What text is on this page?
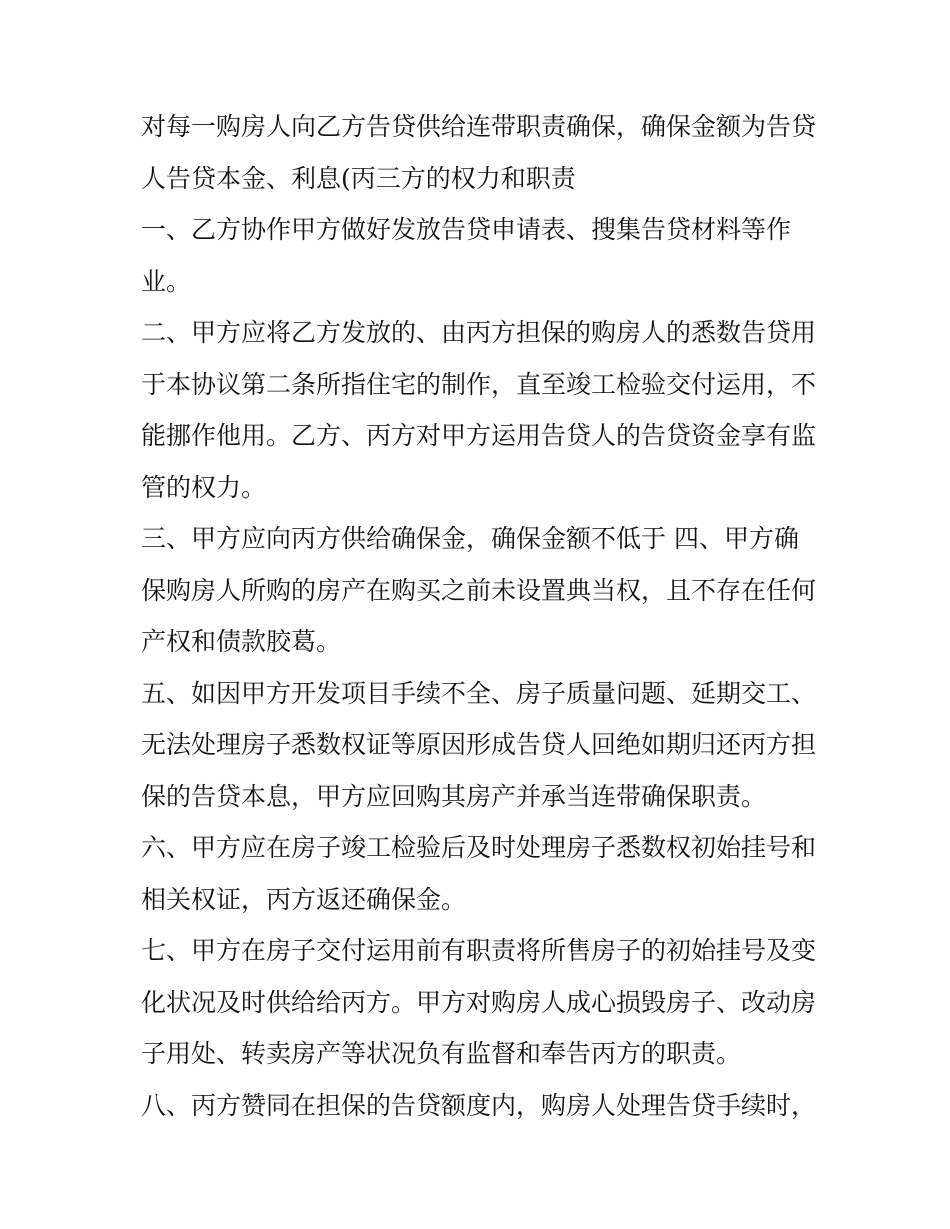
对每一购房人向乙方告贷供给连带职责确保，确保金额为告贷
人告贷本金、利息(丙三方的权力和职责
一、乙方协作甲方做好发放告贷申请表、搜集告贷材料等作
业。
二、甲方应将乙方发放的、由丙方担保的购房人的悉数告贷用
于本协议第二条所指住宅的制作，直至竣工检验交付运用，不
能挪作他用。乙方、丙方对甲方运用告贷人的告贷资金享有监
管的权力。
三、甲方应向丙方供给确保金，确保金额不低于 四、甲方确
保购房人所购的房产在购买之前未设置典当权，且不存在任何
产权和债款胶葛。
五、如因甲方开发项目手续不全、房子质量问题、延期交工、
无法处理房子悉数权证等原因形成告贷人回绝如期归还丙方担
保的告贷本息，甲方应回购其房产并承当连带确保职责。
六、甲方应在房子竣工检验后及时处理房子悉数权初始挂号和
相关权证，丙方返还确保金。
七、甲方在房子交付运用前有职责将所售房子的初始挂号及变
化状况及时供给给丙方。甲方对购房人成心损毁房子、改动房
子用处、转卖房产等状况负有监督和奉告丙方的职责。
八、丙方赞同在担保的告贷额度内，购房人处理告贷手续时，
